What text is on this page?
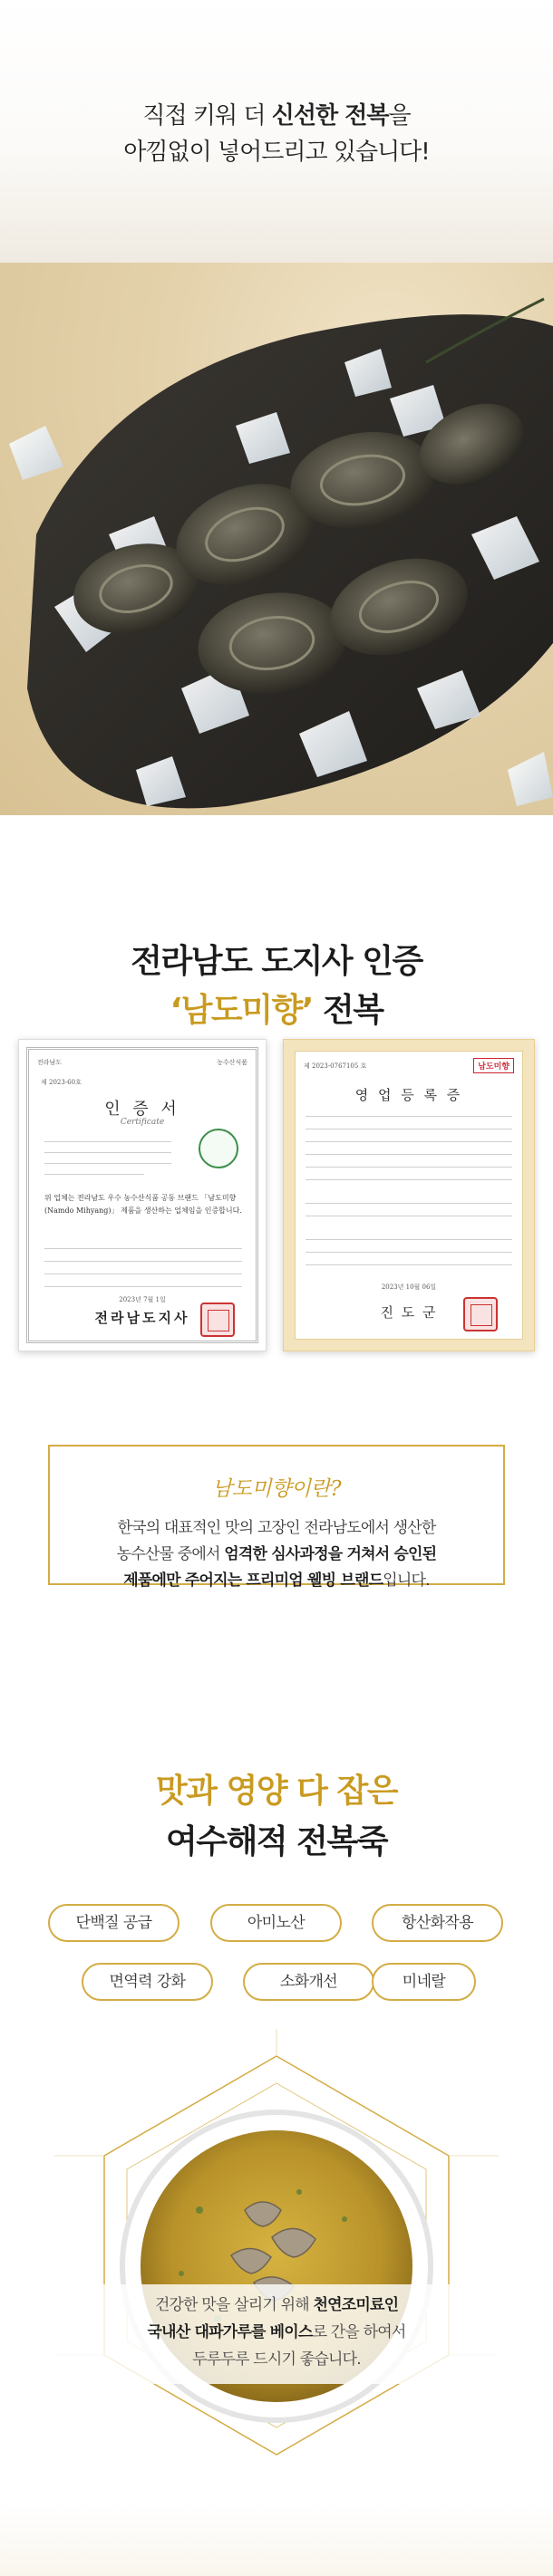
직접 키워 더 신선한 전복을
아낌없이 넣어드리고 있습니다!
전라남도 도지사 인증
‘남도미향’ 전복
전라남도	농수산식품
제 2023-60호
인 증 서
Certificate
위 업체는 전라남도 우수 농수산식품 공동 브랜드 「남도미향(Namdo Mihyang)」 제품을 생산하는 업체임을 인증합니다.
2023년 7월 1일
전라남도지사
제 2023-0767105 호	남도미향
영 업 등 록 증
2023년 10월 06일
진 도 군
남도미향이란?
한국의 대표적인 맛의 고장인 전라남도에서 생산한
농수산물 중에서 엄격한 심사과정을 거쳐서 승인된
제품에만 주어지는 프리미엄 웰빙 브랜드입니다.
맛과 영양 다 잡은
여수해적 전복죽
단백질 공급	아미노산	항산화작용
면역력 강화	소화개선	미네랄
건강한 맛을 살리기 위해 천연조미료인
국내산 대파가루를 베이스로 간을 하여서
두루두루 드시기 좋습니다.
